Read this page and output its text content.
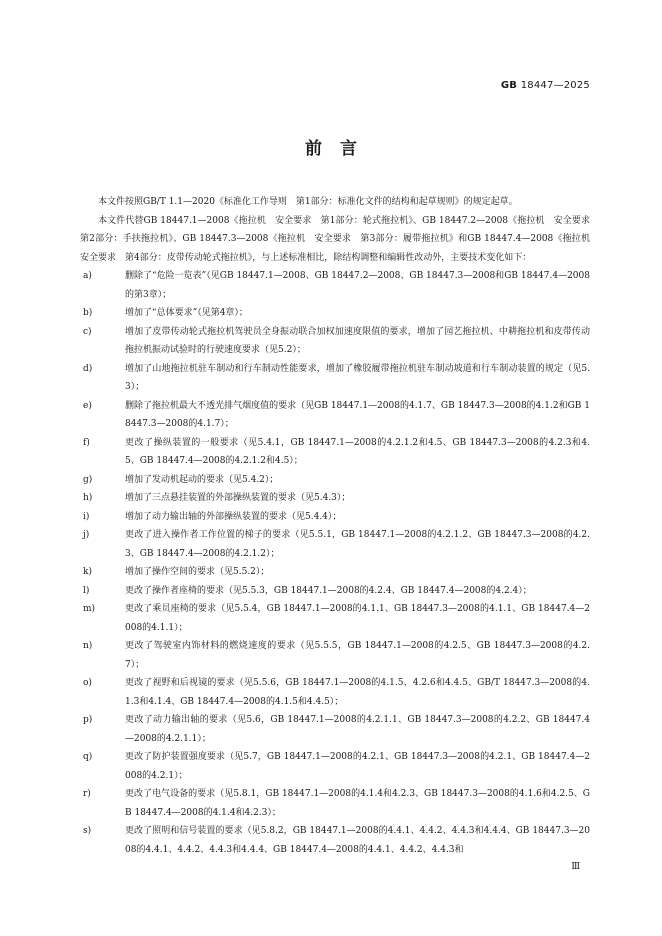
GB 18447—2025
前言

本文件按照GB/T 1.1—2020《标准化工作导则　第1部分：标准化文件的结构和起草规则》的规定起草。

本文件代替GB 18447.1—2008《拖拉机　安全要求　第1部分：轮式拖拉机》、GB 18447.2—2008《拖拉机　安全要求　第2部分：手扶拖拉机》、GB 18447.3—2008《拖拉机　安全要求　第3部分：履带拖拉机》和GB 18447.4—2008《拖拉机　安全要求　第4部分：皮带传动轮式拖拉机》，与上述标准相比，除结构调整和编辑性改动外，主要技术变化如下：

a)	删除了“危险一览表”（见GB 18447.1—2008、GB 18447.2—2008、GB 18447.3—2008和GB 18447.4—2008的第3章）；
b)	增加了“总体要求”（见第4章）；
c)	增加了皮带传动轮式拖拉机驾驶员全身振动联合加权加速度限值的要求，增加了园艺拖拉机、中耕拖拉机和皮带传动拖拉机振动试验时的行驶速度要求（见5.2）；
d)	增加了山地拖拉机驻车制动和行车制动性能要求，增加了橡胶履带拖拉机驻车制动坡道和行车制动装置的规定（见5.3）；
e)	删除了拖拉机最大不透光排气烟度值的要求（见GB 18447.1—2008的4.1.7、GB 18447.3—2008的4.1.2和GB 18447.3—2008的4.1.7）；
f)	更改了操纵装置的一般要求（见5.4.1，GB 18447.1—2008的4.2.1.2和4.5、GB 18447.3—2008的4.2.3和4.5、GB 18447.4—2008的4.2.1.2和4.5）；
g)	增加了发动机起动的要求（见5.4.2）；
h)	增加了三点悬挂装置的外部操纵装置的要求（见5.4.3）；
i)	增加了动力输出轴的外部操纵装置的要求（见5.4.4）；
j)	更改了进入操作者工作位置的梯子的要求（见5.5.1，GB 18447.1—2008的4.2.1.2、GB 18447.3—2008的4.2.3、GB 18447.4—2008的4.2.1.2）；
k)	增加了操作空间的要求（见5.5.2）；
l)	更改了操作者座椅的要求（见5.5.3，GB 18447.1—2008的4.2.4、GB 18447.4—2008的4.2.4）；
m)	更改了乘员座椅的要求（见5.5.4，GB 18447.1—2008的4.1.1、GB 18447.3—2008的4.1.1、GB 18447.4—2008的4.1.1）；
n)	更改了驾驶室内饰材料的燃烧速度的要求（见5.5.5，GB 18447.1—2008的4.2.5、GB 18447.3—2008的4.2.7）；
o)	更改了视野和后视镜的要求（见5.5.6，GB 18447.1—2008的4.1.5、4.2.6和4.4.5、GB/T 18447.3—2008的4.1.3和4.1.4、GB 18447.4—2008的4.1.5和4.4.5）；
p)	更改了动力输出轴的要求（见5.6，GB 18447.1—2008的4.2.1.1、GB 18447.3—2008的4.2.2、GB 18447.4—2008的4.2.1.1）；
q)	更改了防护装置强度要求（见5.7，GB 18447.1—2008的4.2.1、GB 18447.3—2008的4.2.1、GB 18447.4—2008的4.2.1）；
r)	更改了电气设备的要求（见5.8.1，GB 18447.1—2008的4.1.4和4.2.3、GB 18447.3—2008的4.1.6和4.2.5、GB 18447.4—2008的4.1.4和4.2.3）；
s)	更改了照明和信号装置的要求（见5.8.2，GB 18447.1—2008的4.4.1、4.4.2、4.4.3和4.4.4、GB 18447.3—2008的4.4.1、4.4.2、4.4.3和4.4.4、GB 18447.4—2008的4.4.1、4.4.2、4.4.3和
Ⅲ
